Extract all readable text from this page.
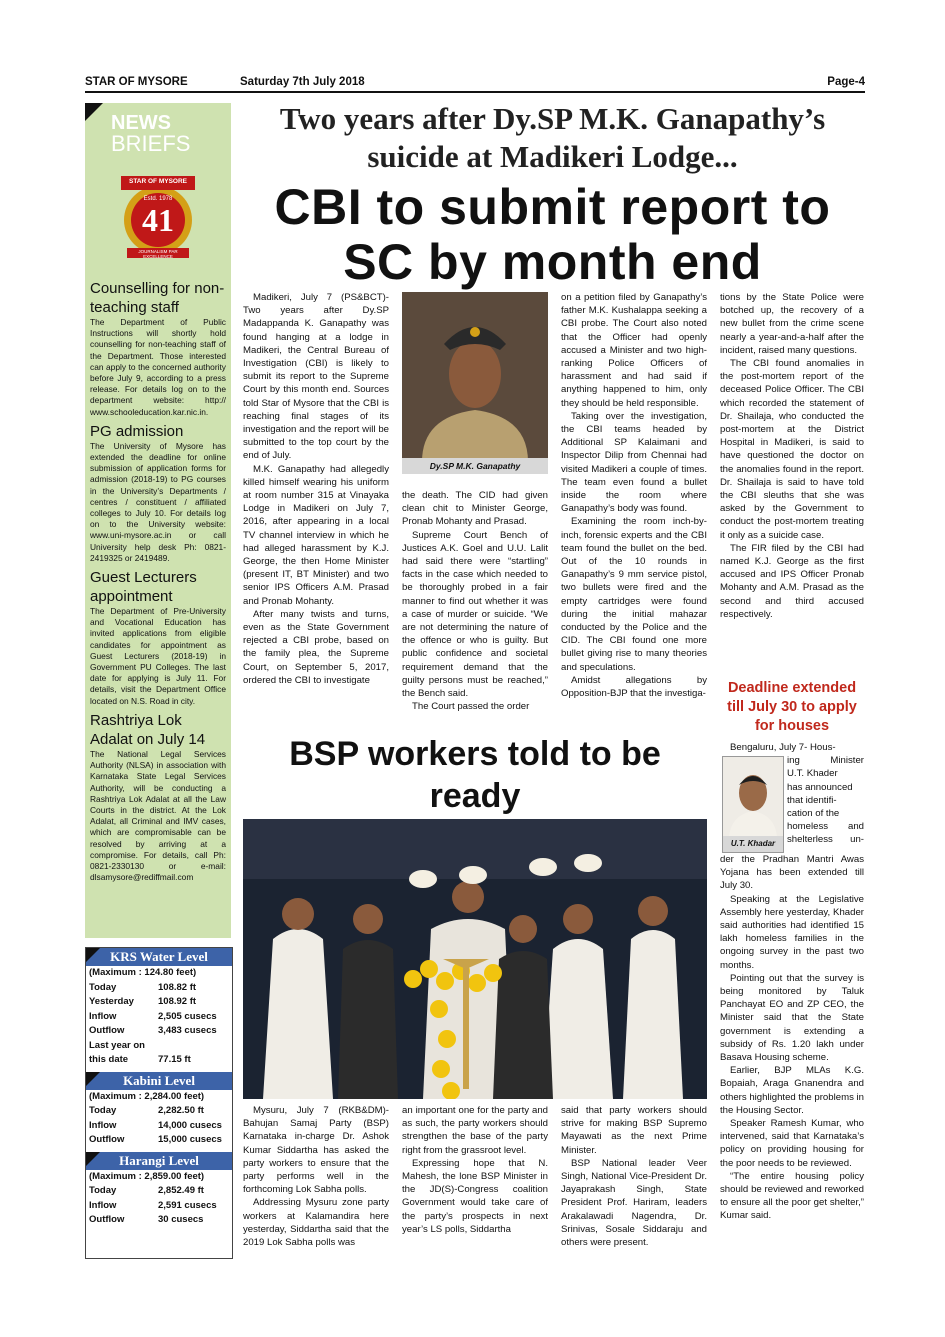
STAR OF MYSORE	Saturday 7th July 2018	Page-4
Two years after Dy.SP M.K. Ganapathy’s
suicide at Madikeri Lodge...
CBI to submit report to
SC by month end
NEWS
BRIEFS
STAR OF MYSORE
Estd. 1978
41
JOURNALISM PAR EXCELLENCE
Counselling for non-teaching staff

The Department of Public Instructions will shortly hold counselling for non-teaching staff of the Department. Those interested can apply to the concerned authority before July 9, according to a press release. For details log on to the department website: http:// www.schooleducation.kar.nic.in.

PG admission

The University of Mysore has extended the deadline for online submission of application forms for admission (2018-19) to PG courses in the University’s Departments / centres / constituent / affiliated colleges to July 10. For details log on to the University website: www.uni-mysore.ac.in or call University help desk Ph: 0821-2419325 or 2419489.

Guest Lecturers appointment

The Department of Pre-University and Vocational Education has invited applications from eligible candidates for appointment as Guest Lecturers (2018-19) in Government PU Colleges. The last date for applying is July 11. For details, visit the Department Office located on N.S. Road in city.

Rashtriya Lok Adalat on July 14

The National Legal Services Authority (NLSA) in association with Karnataka State Legal Services Authority, will be conducting a Rashtriya Lok Adalat at all the Law Courts in the district. At the Lok Adalat, all Criminal and IMV cases, which are compromisable can be resolved by arriving at a compromise. For details, call Ph: 0821-2330130 or e-mail: dlsamysore@rediffmail.com

KRS Water Level
(Maximum : 124.80 feet)
Today	108.82 ft
Yesterday	108.92 ft
Inflow	2,505 cusecs
Outflow	3,483 cusecs
Last year on
this date	77.15 ft
Kabini Level
(Maximum : 2,284.00 feet)
Today	2,282.50 ft
Inflow	14,000 cusecs
Outflow	15,000 cusecs
Harangi Level
(Maximum : 2,859.00 feet)
Today	2,852.49 ft
Inflow	2,591 cusecs
Outflow	30 cusecs

Madikeri, July 7 (PS&BCT)- Two years after Dy.SP Madappanda K. Ganapathy was found hanging at a lodge in Madikeri, the Central Bureau of Investigation (CBI) is likely to submit its report to the Supreme Court by this month end. Sources told Star of Mysore that the CBI is reaching final stages of its investigation and the report will be submitted to the top court by the end of July.

M.K. Ganapathy had allegedly killed himself wearing his uniform at room number 315 at Vinayaka Lodge in Madikeri on July 7, 2016, after appearing in a local TV channel interview in which he had alleged harassment by K.J. George, the then Home Minister (present IT, BT Minister) and two senior IPS Officers A.M. Prasad and Pronab Mohanty.

After many twists and turns, even as the State Government rejected a CBI probe, based on the family plea, the Supreme Court, on September 5, 2017, ordered the CBI to investigate

Dy.SP M.K. Ganapathy

the death. The CID had given clean chit to Minister George, Pronab Mohanty and Prasad.

Supreme Court Bench of Justices A.K. Goel and U.U. Lalit had said there were “startling” facts in the case which needed to be thoroughly probed in a fair manner to find out whether it was a case of murder or suicide. “We are not determining the nature of the offence or who is guilty. But public confidence and societal requirement demand that the guilty persons must be reached,” the Bench said.

The Court passed the order

on a petition filed by Ganapathy’s father M.K. Kushalappa seeking a CBI probe. The Court also noted that the Officer had openly accused a Minister and two high-ranking Police Officers of harassment and had said if anything happened to him, only they should be held responsible.

Taking over the investigation, the CBI teams headed by Additional SP Kalaimani and Inspector Dilip from Chennai had visited Madikeri a couple of times. The team even found a bullet inside the room where Ganapathy’s body was found.

Examining the room inch-by-inch, forensic experts and the CBI team found the bullet on the bed. Out of the 10 rounds in Ganapathy’s 9 mm service pistol, two bullets were fired and the empty cartridges were found during the initial mahazar conducted by the Police and the CID. The CBI found one more bullet giving rise to many theories and speculations.

Amidst allegations by Opposition-BJP that the investiga-

tions by the State Police were botched up, the recovery of a new bullet from the crime scene nearly a year-and-a-half after the incident, raised many questions.

The CBI found anomalies in the post-mortem report of the deceased Police Officer. The CBI which recorded the statement of Dr. Shailaja, who conducted the post-mortem at the District Hospital in Madikeri, is said to have questioned the doctor on the anomalies found in the report. Dr. Shailaja is said to have told the CBI sleuths that she was asked by the Government to conduct the post-mortem treating it only as a suicide case.

The FIR filed by the CBI had named K.J. George as the first accused and IPS Officer Pronab Mohanty and A.M. Prasad as the second and third accused respectively.

BSP workers told to be ready

Mysuru, July 7 (RKB&DM)- Bahujan Samaj Party (BSP) Karnataka in-charge Dr. Ashok Kumar Siddartha has asked the party workers to ensure that the party performs well in the forthcoming Lok Sabha polls.

Addressing Mysuru zone party workers at Kalamandira here yesterday, Siddartha said that the 2019 Lok Sabha polls was

an important one for the party and as such, the party workers should strengthen the base of the party right from the grassroot level.

Expressing hope that N. Mahesh, the lone BSP Minister in the JD(S)-Congress coalition Government would take care of the party’s prospects in next year’s LS polls, Siddartha

said that party workers should strive for making BSP Supremo Mayawati as the next Prime Minister.

BSP National leader Veer Singh, National Vice-President Dr. Jayaprakash Singh, State President Prof. Hariram, leaders Arakalawadi Nagendra, Dr. Srinivas, Sosale Siddaraju and others were present.

Deadline extended
till July 30 to apply
for houses
U.T. Khadar
Bengaluru, July 7- Hous-
ing Minister
U.T. Khader
has announced
that identifi-
cation of the
homeless and
shelterless un-

der the Pradhan Mantri Awas Yojana has been extended till July 30.

Speaking at the Legislative Assembly here yesterday, Khader said authorities had identified 15 lakh homeless families in the ongoing survey in the past two months.

Pointing out that the survey is being monitored by Taluk Panchayat EO and ZP CEO, the Minister said that the State government is extending a subsidy of Rs. 1.20 lakh under Basava Housing scheme.

Earlier, BJP MLAs K.G. Bopaiah, Araga Gnanendra and others highlighted the problems in the Housing Sector.

Speaker Ramesh Kumar, who intervened, said that Karnataka’s policy on providing housing for the poor needs to be reviewed.

“The entire housing policy should be reviewed and reworked to ensure all the poor get shelter,” Kumar said.
